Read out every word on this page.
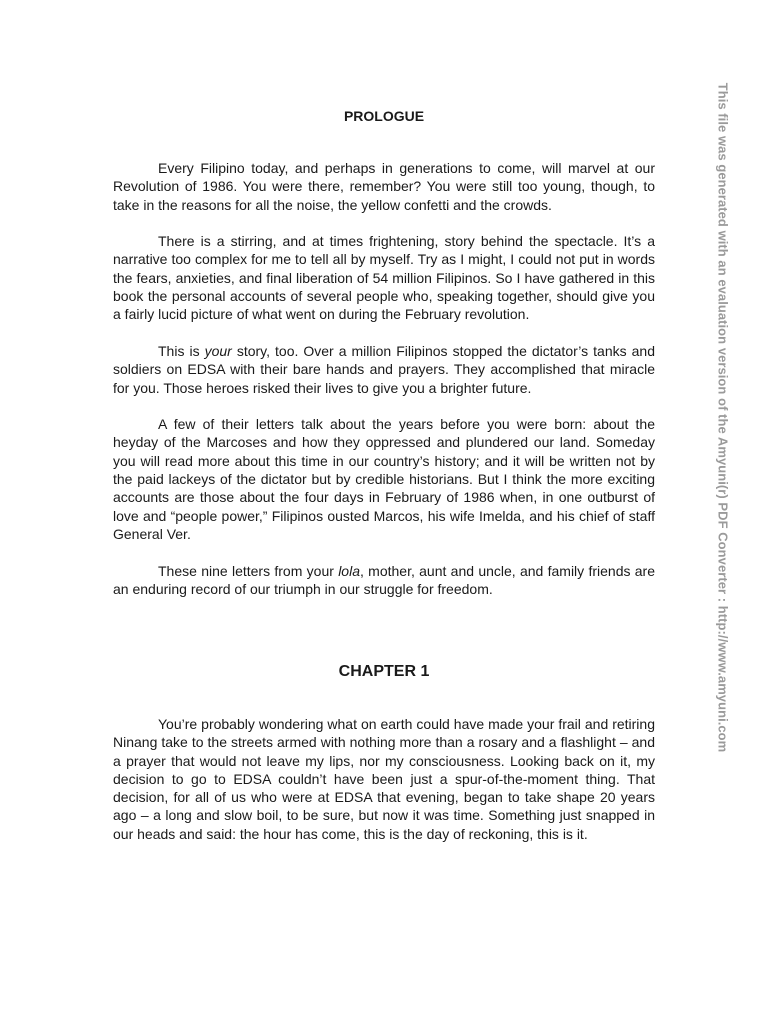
PROLOGUE

Every Filipino today, and perhaps in generations to come, will marvel at our Revolution of 1986. You were there, remember? You were still too young, though, to take in the reasons for all the noise, the yellow confetti and the crowds.

There is a stirring, and at times frightening, story behind the spectacle. It’s a narrative too complex for me to tell all by myself. Try as I might, I could not put in words the fears, anxieties, and final liberation of 54 million Filipinos. So I have gathered in this book the personal accounts of several people who, speaking together, should give you a fairly lucid picture of what went on during the February revolution.

This is your story, too. Over a million Filipinos stopped the dictator’s tanks and soldiers on EDSA with their bare hands and prayers. They accomplished that miracle for you. Those heroes risked their lives to give you a brighter future.

A few of their letters talk about the years before you were born: about the heyday of the Marcoses and how they oppressed and plundered our land. Someday you will read more about this time in our country’s history; and it will be written not by the paid lackeys of the dictator but by credible historians. But I think the more exciting accounts are those about the four days in February of 1986 when, in one outburst of love and “people power,” Filipinos ousted Marcos, his wife Imelda, and his chief of staff General Ver.

These nine letters from your lola, mother, aunt and uncle, and family friends are an enduring record of our triumph in our struggle for freedom.

CHAPTER 1

You’re probably wondering what on earth could have made your frail and retiring Ninang take to the streets armed with nothing more than a rosary and a flashlight – and a prayer that would not leave my lips, nor my consciousness. Looking back on it, my decision to go to EDSA couldn’t have been just a spur-of-the-moment thing. That decision, for all of us who were at EDSA that evening, began to take shape 20 years ago – a long and slow boil, to be sure, but now it was time. Something just snapped in our heads and said: the hour has come, this is the day of reckoning, this is it.

This file was generated with an evaluation version of the Amyuni(r) PDF Converter : http://www.amyuni.com
